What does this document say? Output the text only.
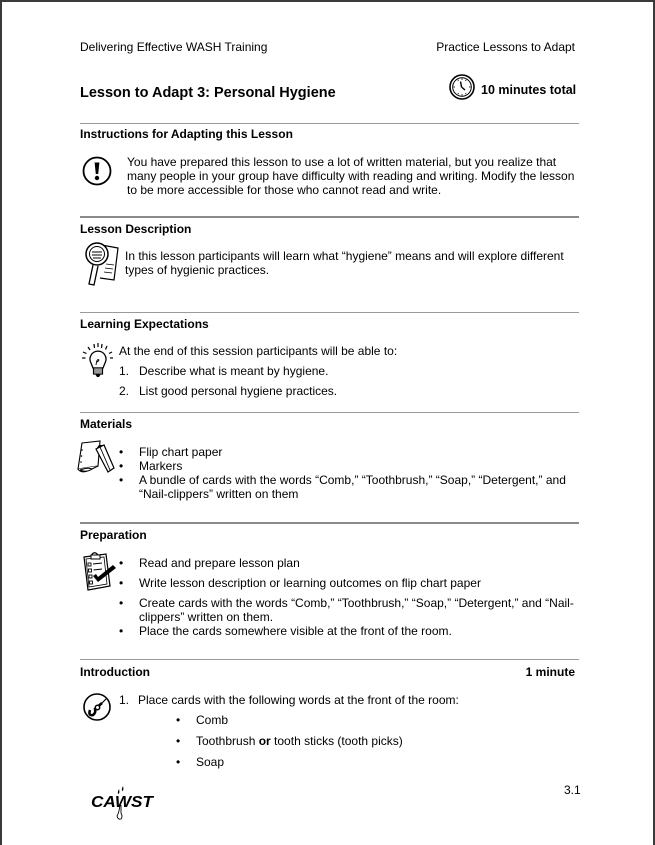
Delivering Effective WASH Training	Practice Lessons to Adapt
Lesson to Adapt 3: Personal Hygiene	10 minutes total
Instructions for Adapting this Lesson
You have prepared this lesson to use a lot of written material, but you realize that many people in your group have difficulty with reading and writing. Modify the lesson to be more accessible for those who cannot read and write.
Lesson Description
In this lesson participants will learn what “hygiene” means and will explore different types of hygienic practices.
Learning Expectations
At the end of this session participants will be able to:
1. Describe what is meant by hygiene.
2. List good personal hygiene practices.
Materials
• Flip chart paper
• Markers
• A bundle of cards with the words “Comb,” “Toothbrush,” “Soap,” “Detergent,” and “Nail-clippers” written on them
Preparation
• Read and prepare lesson plan
• Write lesson description or learning outcomes on flip chart paper
• Create cards with the words “Comb,” “Toothbrush,” “Soap,” “Detergent,” and “Nail-clippers” written on them.
• Place the cards somewhere visible at the front of the room.
Introduction	1 minute
1. Place cards with the following words at the front of the room:
• Comb
• Toothbrush or tooth sticks (tooth picks)
• Soap
CAWST
3.1
